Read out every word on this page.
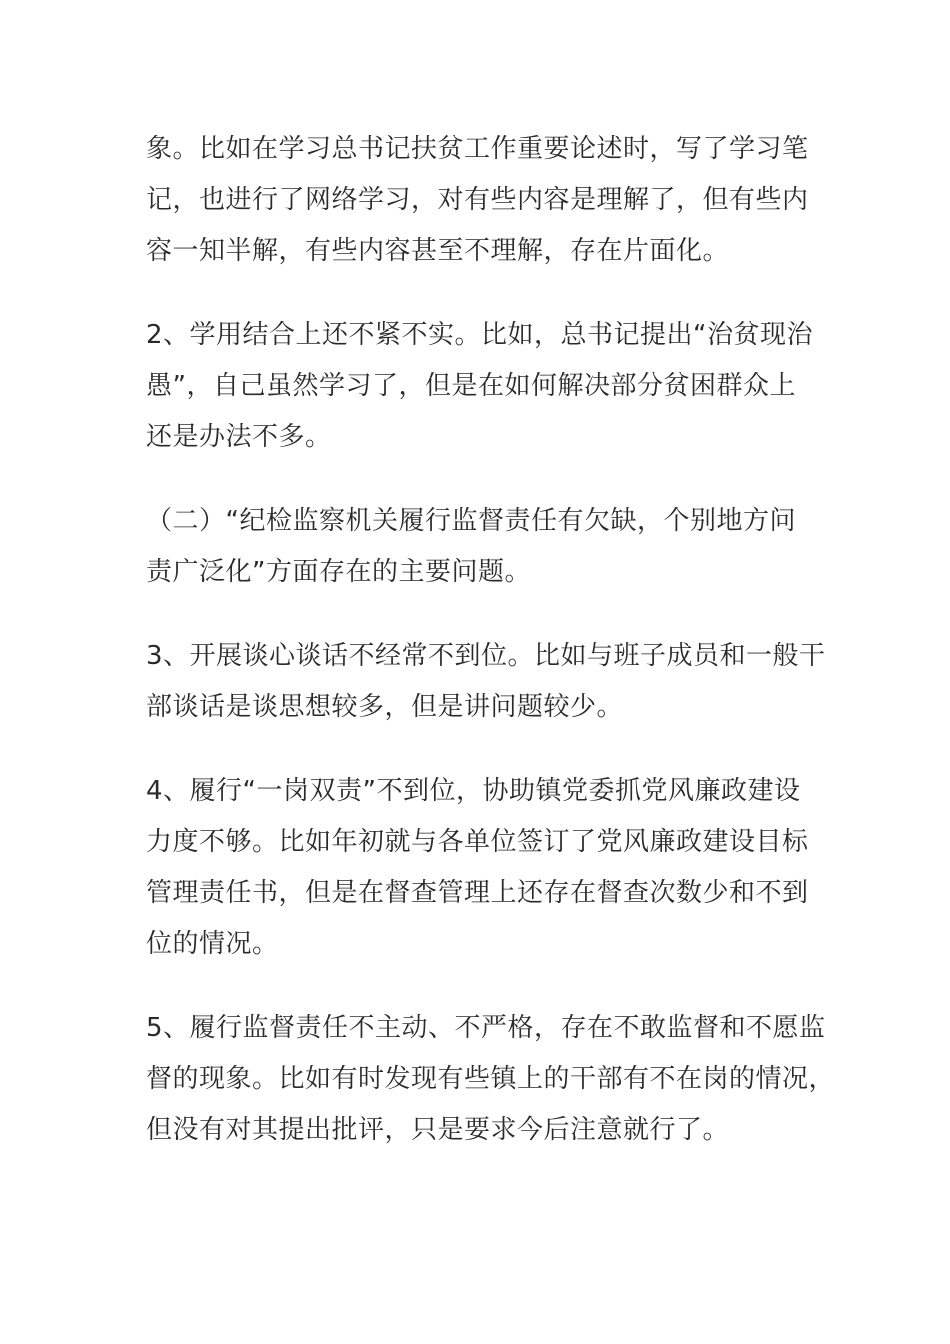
象。比如在学习总书记扶贫工作重要论述时，写了学习笔
记，也进行了网络学习，对有些内容是理解了，但有些内
容一知半解，有些内容甚至不理解，存在片面化。
2、学用结合上还不紧不实。比如，总书记提出“治贫现治
愚”，自己虽然学习了，但是在如何解决部分贫困群众上
还是办法不多。
（二）“纪检监察机关履行监督责任有欠缺，个别地方问
责广泛化”方面存在的主要问题。
3、开展谈心谈话不经常不到位。比如与班子成员和一般干
部谈话是谈思想较多，但是讲问题较少。
4、履行“一岗双责”不到位，协助镇党委抓党风廉政建设
力度不够。比如年初就与各单位签订了党风廉政建设目标
管理责任书，但是在督查管理上还存在督查次数少和不到
位的情况。
5、履行监督责任不主动、不严格，存在不敢监督和不愿监
督的现象。比如有时发现有些镇上的干部有不在岗的情况，
但没有对其提出批评，只是要求今后注意就行了。
